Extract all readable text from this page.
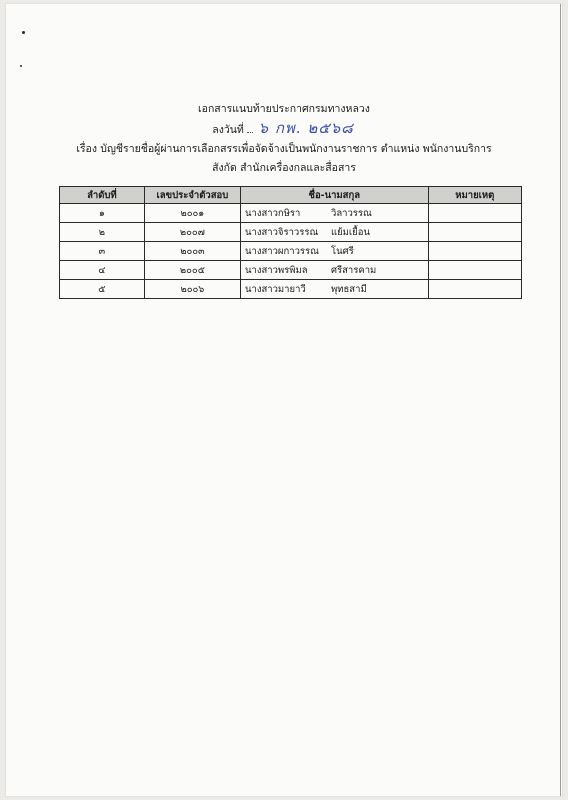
เอกสารแนบท้ายประกาศกรมทางหลวง
ลงวันที่ ๖ กพ. ๒๕๖๘
เรื่อง บัญชีรายชื่อผู้ผ่านการเลือกสรรเพื่อจัดจ้างเป็นพนักงานราชการ ตำแหน่ง พนักงานบริการ
สังกัด สำนักเครื่องกลและสื่อสาร
ลำดับที่	เลขประจำตัวสอบ	ชื่อ-นามสกุล	หมายเหตุ
๑	๒๐๐๑	นางสาวกษิรา วิลาวรรณ	
๒	๒๐๐๗	นางสาวจิราวรรณ แย้มเยื้อน	
๓	๒๐๐๓	นางสาวผกาวรรณ โนศรี	
๔	๒๐๐๕	นางสาวพรพิมล ศรีสารคาม	
๕	๒๐๐๖	นางสาวมายาวี พุทธสามี	
